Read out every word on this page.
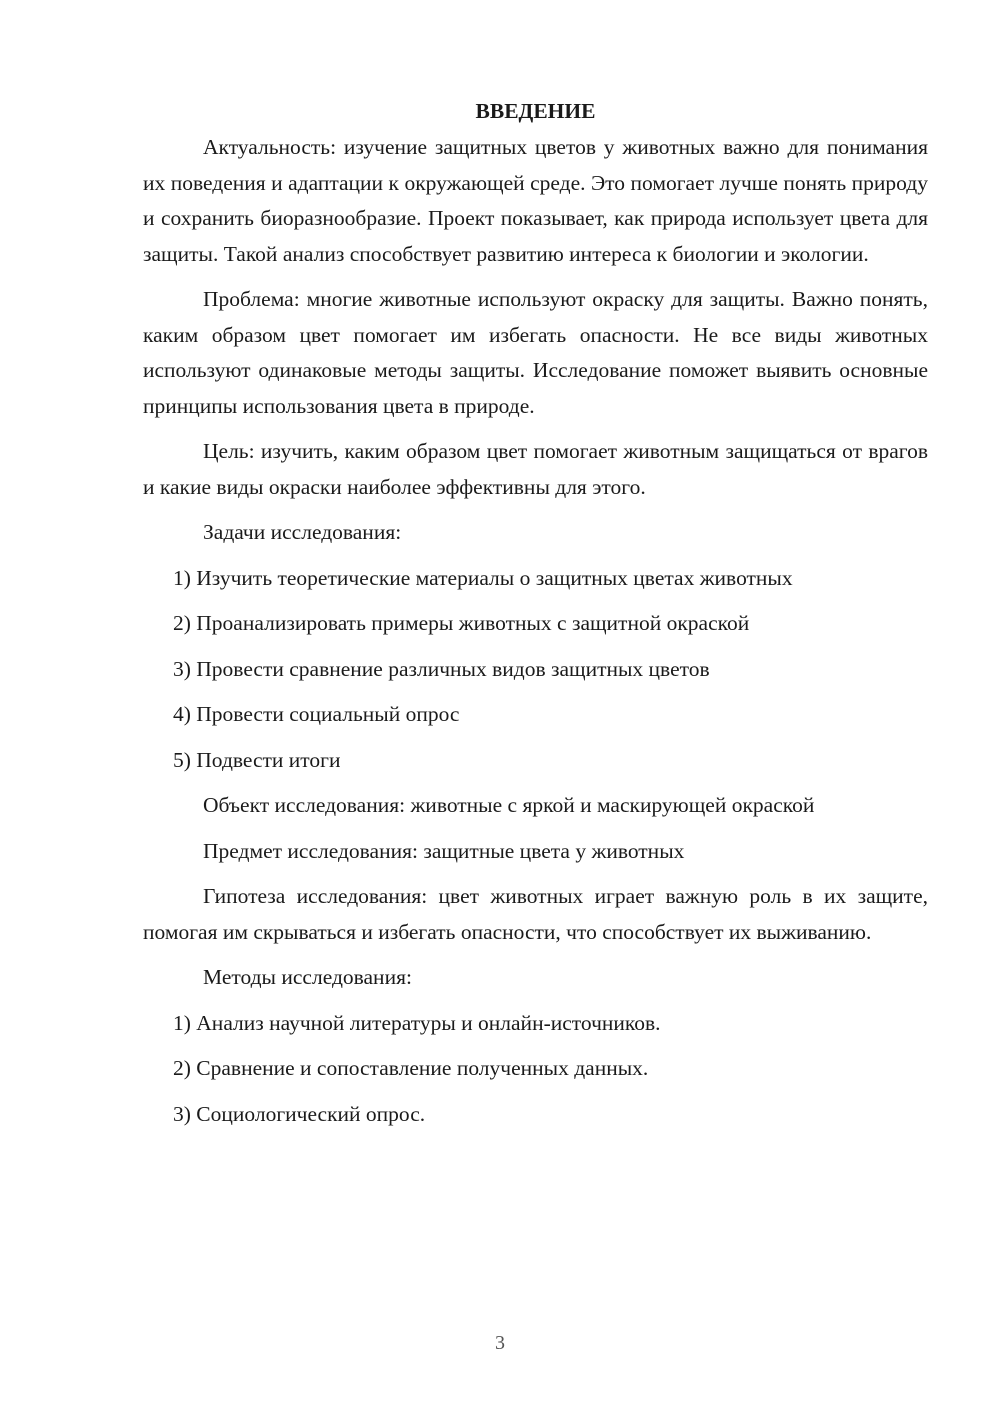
ВВЕДЕНИЕ

Актуальность: изучение защитных цветов у животных важно для понимания их поведения и адаптации к окружающей среде. Это помогает лучше понять природу и сохранить биоразнообразие. Проект показывает, как природа использует цвета для защиты. Такой анализ способствует развитию интереса к биологии и экологии.

Проблема: многие животные используют окраску для защиты. Важно понять, каким образом цвет помогает им избегать опасности. Не все виды животных используют одинаковые методы защиты. Исследование поможет выявить основные принципы использования цвета в природе.

Цель: изучить, каким образом цвет помогает животным защищаться от врагов и какие виды окраски наиболее эффективны для этого.

Задачи исследования:
1) Изучить теоретические материалы о защитных цветах животных
2) Проанализировать примеры животных с защитной окраской
3) Провести сравнение различных видов защитных цветов
4) Провести социальный опрос
5) Подвести итоги
Объект исследования: животные с яркой и маскирующей окраской
Предмет исследования: защитные цвета у животных

Гипотеза исследования: цвет животных играет важную роль в их защите, помогая им скрываться и избегать опасности, что способствует их выживанию.

Методы исследования:
1) Анализ научной литературы и онлайн-источников.
2) Сравнение и сопоставление полученных данных.
3) Социологический опрос.
3
